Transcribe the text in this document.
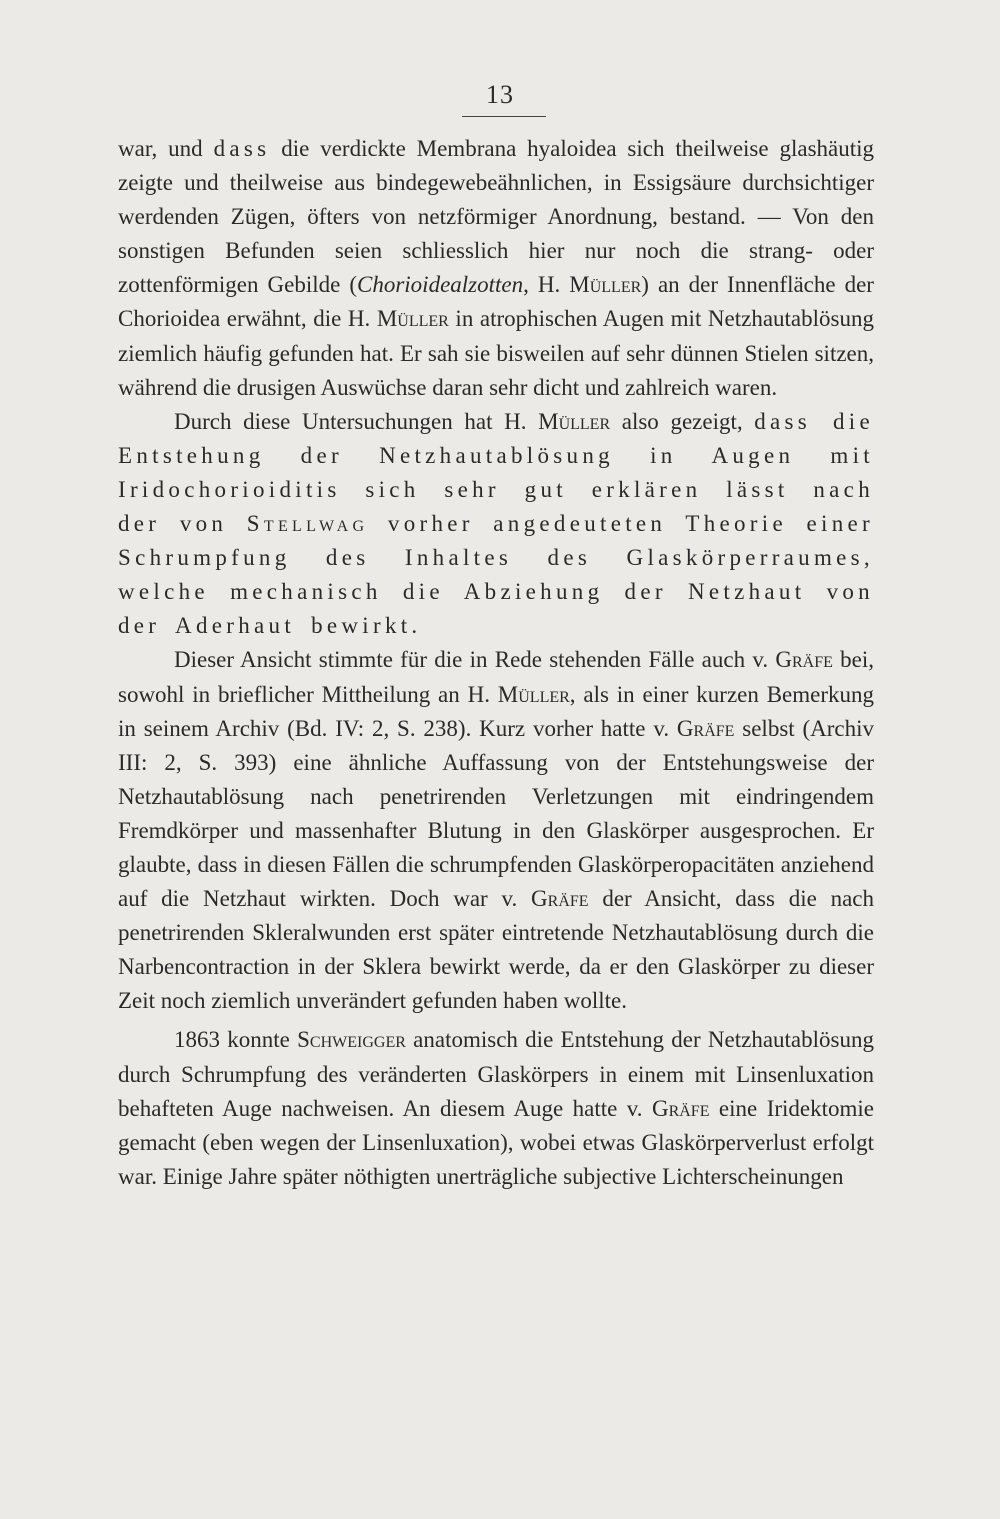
13

war, und dass die verdickte Membrana hyaloidea sich theilweise glashäutig zeigte und theilweise aus bindegewebeähnlichen, in Essigsäure durchsichtiger werdenden Zügen, öfters von netzförmiger Anordnung, bestand. — Von den sonstigen Befunden seien schliesslich hier nur noch die strang- oder zottenförmigen Gebilde (Chorioidealzotten, H. Müller) an der Innenfläche der Chorioidea erwähnt, die H. Müller in atrophischen Augen mit Netzhautablösung ziemlich häufig gefunden hat. Er sah sie bisweilen auf sehr dünnen Stielen sitzen, während die drusigen Auswüchse daran sehr dicht und zahlreich waren.

Durch diese Untersuchungen hat H. Müller also gezeigt, dass die Entstehung der Netzhautablösung in Augen mit Iridochorioiditis sich sehr gut erklären lässt nach der von Stellwag vorher angedeuteten Theorie einer Schrumpfung des Inhaltes des Glaskörperraumes, welche mechanisch die Abziehung der Netzhaut von der Aderhaut bewirkt.

Dieser Ansicht stimmte für die in Rede stehenden Fälle auch v. Gräfe bei, sowohl in brieflicher Mittheilung an H. Müller, als in einer kurzen Bemerkung in seinem Archiv (Bd. IV: 2, S. 238). Kurz vorher hatte v. Gräfe selbst (Archiv III: 2, S. 393) eine ähnliche Auffassung von der Entstehungsweise der Netzhautablösung nach penetrirenden Verletzungen mit eindringendem Fremdkörper und massenhafter Blutung in den Glaskörper ausgesprochen. Er glaubte, dass in diesen Fällen die schrumpfenden Glaskörperopacitäten anziehend auf die Netzhaut wirkten. Doch war v. Gräfe der Ansicht, dass die nach penetrirenden Skleralwunden erst später eintretende Netzhautablösung durch die Narbencontraction in der Sklera bewirkt werde, da er den Glaskörper zu dieser Zeit noch ziemlich unverändert gefunden haben wollte.

1863 konnte Schweigger anatomisch die Entstehung der Netzhautablösung durch Schrumpfung des veränderten Glaskörpers in einem mit Linsenluxation behafteten Auge nachweisen. An diesem Auge hatte v. Gräfe eine Iridektomie gemacht (eben wegen der Linsenluxation), wobei etwas Glaskörperverlust erfolgt war. Einige Jahre später nöthigten unerträgliche subjective Lichterscheinungen
